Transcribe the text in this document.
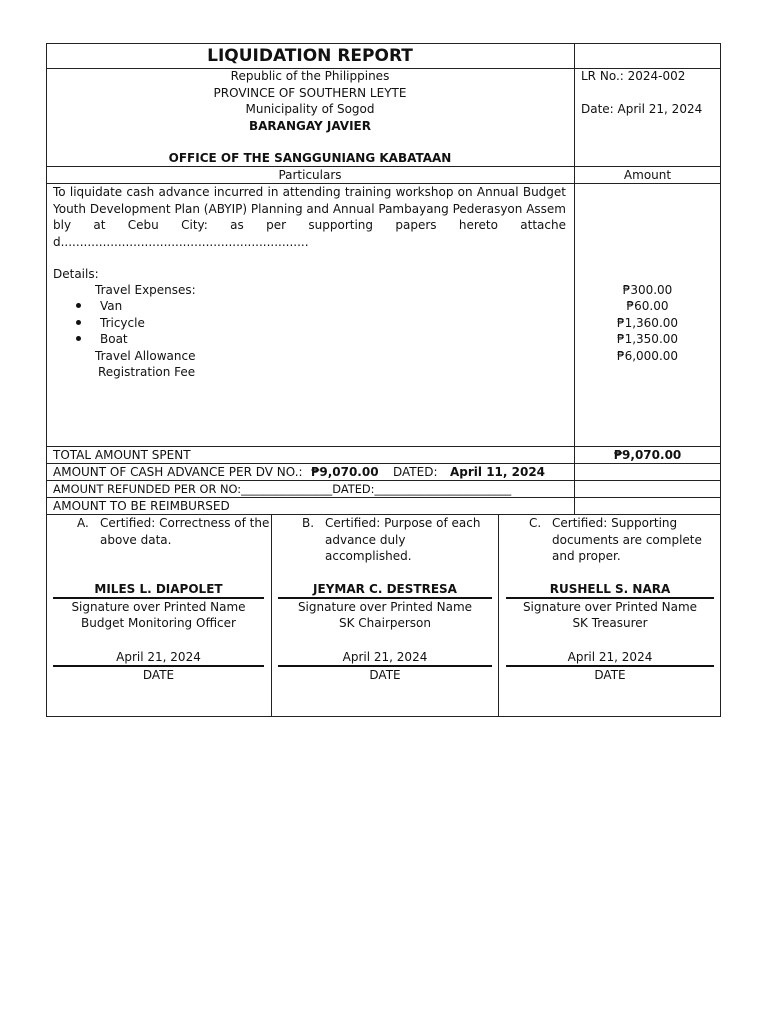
LIQUIDATION REPORT
Republic of the Philippines
PROVINCE OF SOUTHERN LEYTE
Municipality of Sogod
BARANGAY JAVIER
OFFICE OF THE SANGGUNIANG KABATAAN
LR No.: 2024-002
Date: April 21, 2024
Particulars	Amount
To liquidate cash advance incurred in attending training workshop on Annual Budget Youth Development Plan (ABYIP) Planning and Annual Pambayang Pederasyon Assembly at Cebu City: as per supporting papers hereto attached.................................................................
Details:
Travel Expenses:
Van
Tricycle
Boat
Travel Allowance
Registration Fee
₱300.00
₱60.00
₱1,360.00
₱1,350.00
₱6,000.00
TOTAL AMOUNT SPENT	₱9,070.00
AMOUNT OF CASH ADVANCE PER DV NO.: ₱9,070.00 DATED: April 11, 2024
AMOUNT REFUNDED PER OR NO:________________DATED:________________________
AMOUNT TO BE REIMBURSED
A. Certified: Correctness of the above data.
MILES L. DIAPOLET
Signature over Printed Name
Budget Monitoring Officer
April 21, 2024
DATE
B. Certified: Purpose of each advance duly accomplished.
JEYMAR C. DESTRESA
Signature over Printed Name
SK Chairperson
April 21, 2024
DATE
C. Certified: Supporting documents are complete and proper.
RUSHELL S. NARA
Signature over Printed Name
SK Treasurer
April 21, 2024
DATE
